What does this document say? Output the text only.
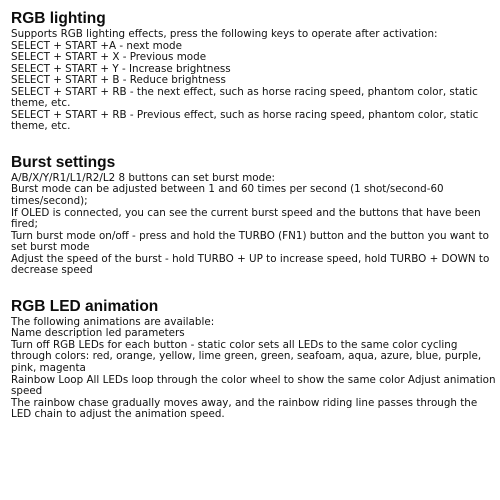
RGB lighting

Supports RGB lighting effects, press the following keys to operate after activation:

SELECT + START +A - next mode

SELECT + START + X - Previous mode

SELECT + START + Y - Increase brightness

SELECT + START + B - Reduce brightness

SELECT + START + RB - the next effect, such as horse racing speed, phantom color, static theme, etc.

SELECT + START + RB - Previous effect, such as horse racing speed, phantom color, static theme, etc.

Burst settings

A/B/X/Y/R1/L1/R2/L2 8 buttons can set burst mode:

Burst mode can be adjusted between 1 and 60 times per second (1 shot/second-60 times/second);

If OLED is connected, you can see the current burst speed and the buttons that have been fired;

Turn burst mode on/off - press and hold the TURBO (FN1) button and the button you want to set burst mode

Adjust the speed of the burst - hold TURBO + UP to increase speed, hold TURBO + DOWN to decrease speed

RGB LED animation

The following animations are available:

Name description led parameters

Turn off RGB LEDs for each button - static color sets all LEDs to the same color cycling through colors: red, orange, yellow, lime green, green, seafoam, aqua, azure, blue, purple, pink, magenta

Rainbow Loop All LEDs loop through the color wheel to show the same color Adjust animation speed

The rainbow chase gradually moves away, and the rainbow riding line passes through the LED chain to adjust the animation speed.
